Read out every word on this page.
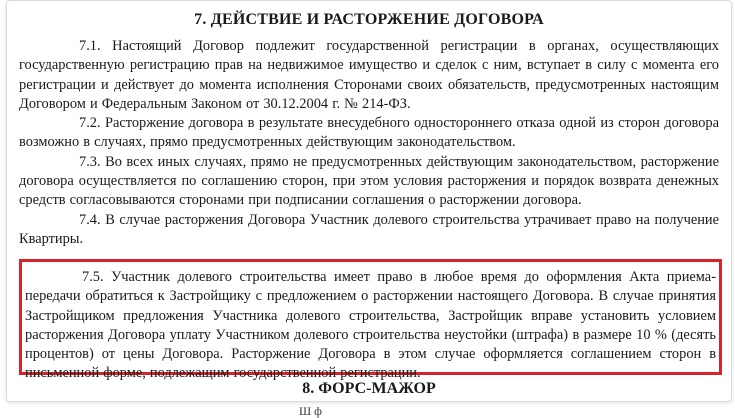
7. ДЕЙСТВИЕ И РАСТОРЖЕНИЕ ДОГОВОРА

7.1. Настоящий Договор подлежит государственной регистрации в органах, осуществляющих государственную регистрацию прав на недвижимое имущество и сделок с ним, вступает в силу с момента его регистрации и действует до момента исполнения Сторонами своих обязательств, предусмотренных настоящим Договором и Федеральным Законом от 30.12.2004 г. № 214-ФЗ.

7.2. Расторжение договора в результате внесудебного одностороннего отказа одной из сторон договора возможно в случаях, прямо предусмотренных действующим законодательством.

7.3. Во всех иных случаях, прямо не предусмотренных действующим законодательством, расторжение договора осуществляется по соглашению сторон, при этом условия расторжения и порядок возврата денежных средств согласовываются сторонами при подписании соглашения о расторжении договора.

7.4. В случае расторжения Договора Участник долевого строительства утрачивает право на получение Квартиры.

7.5. Участник долевого строительства имеет право в любое время до оформления Акта приема-передачи обратиться к Застройщику с предложением о расторжении настоящего Договора. В случае принятия Застройщиком предложения Участника долевого строительства, Застройщик вправе установить условием расторжения Договора уплату Участником долевого строительства неустойки (штрафа) в размере 10 % (десять процентов) от цены Договора. Расторжение Договора в этом случае оформляется соглашением сторон в письменной форме, подлежащим государственной регистрации.

8. ФОРС-МАЖОР

Ш ф
